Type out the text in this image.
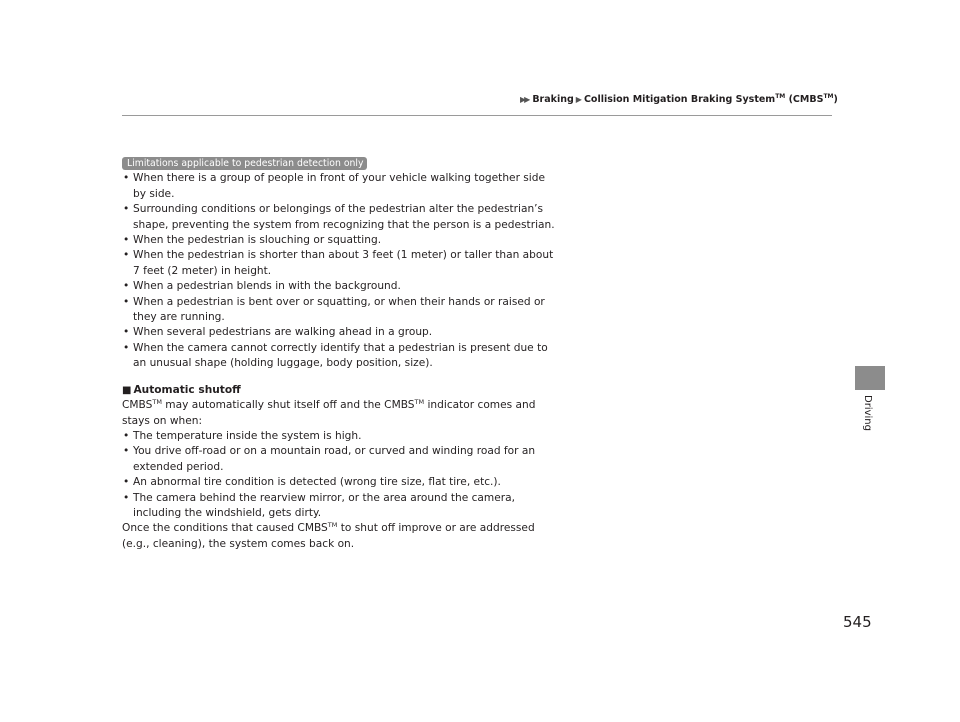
▶▶ Braking ▶ Collision Mitigation Braking System™ (CMBS™)
Driving
545
Limitations applicable to pedestrian detection only
• When there is a group of people in front of your vehicle walking together side by side.
• Surrounding conditions or belongings of the pedestrian alter the pedestrian’s shape, preventing the system from recognizing that the person is a pedestrian.
• When the pedestrian is slouching or squatting.
• When the pedestrian is shorter than about 3 feet (1 meter) or taller than about 7 feet (2 meter) in height.
• When a pedestrian blends in with the background.
• When a pedestrian is bent over or squatting, or when their hands or raised or they are running.
• When several pedestrians are walking ahead in a group.
• When the camera cannot correctly identify that a pedestrian is present due to an unusual shape (holding luggage, body position, size).
■ Automatic shutoff

CMBS™ may automatically shut itself off and the CMBS™ indicator comes and stays on when:

• The temperature inside the system is high.
• You drive off-road or on a mountain road, or curved and winding road for an extended period.
• An abnormal tire condition is detected (wrong tire size, flat tire, etc.).
• The camera behind the rearview mirror, or the area around the camera, including the windshield, gets dirty.

Once the conditions that caused CMBS™ to shut off improve or are addressed (e.g., cleaning), the system comes back on.
